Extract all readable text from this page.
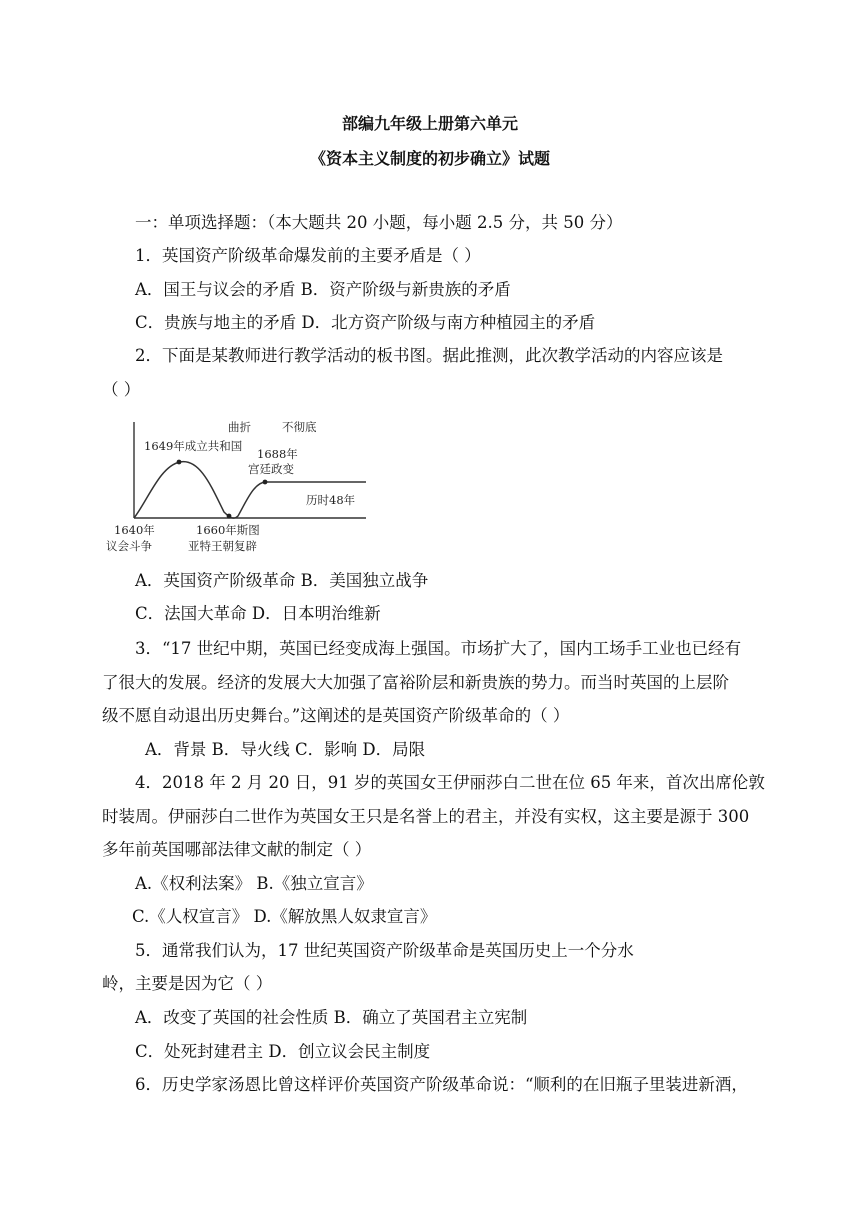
部编九年级上册第六单元
《资本主义制度的初步确立》试题
一：单项选择题：（本大题共 20 小题，每小题 2.5 分，共 50 分）
1．英国资产阶级革命爆发前的主要矛盾是（ ）
A．国王与议会的矛盾 B．资产阶级与新贵族的矛盾
C．贵族与地主的矛盾 D．北方资产阶级与南方种植园主的矛盾
2．下面是某教师进行教学活动的板书图。据此推测，此次教学活动的内容应该是
（ ）
曲折	不彻底
1649年成立共和国
1688年
宫廷政变
历时48年
1640年
议会斗争
1660年斯图
亚特王朝复辟
A．英国资产阶级革命 B．美国独立战争
C．法国大革命 D．日本明治维新
3．“17 世纪中期，英国已经变成海上强国。市场扩大了，国内工场手工业也已经有
了很大的发展。经济的发展大大加强了富裕阶层和新贵族的势力。而当时英国的上层阶
级不愿自动退出历史舞台。”这阐述的是英国资产阶级革命的（ ）
A．背景 B．导火线 C．影响 D．局限
4．2018 年 2 月 20 日，91 岁的英国女王伊丽莎白二世在位 65 年来，首次出席伦敦
时装周。伊丽莎白二世作为英国女王只是名誉上的君主，并没有实权，这主要是源于 300
多年前英国哪部法律文献的制定（ ）
A.《权利法案》 B.《独立宣言》
C.《人权宣言》 D.《解放黑人奴隶宣言》
5．通常我们认为，17 世纪英国资产阶级革命是英国历史上一个分水
岭，主要是因为它（ ）
A．改变了英国的社会性质 B．确立了英国君主立宪制
C．处死封建君主 D．创立议会民主制度
6．历史学家汤恩比曾这样评价英国资产阶级革命说：“顺利的在旧瓶子里装进新酒，
